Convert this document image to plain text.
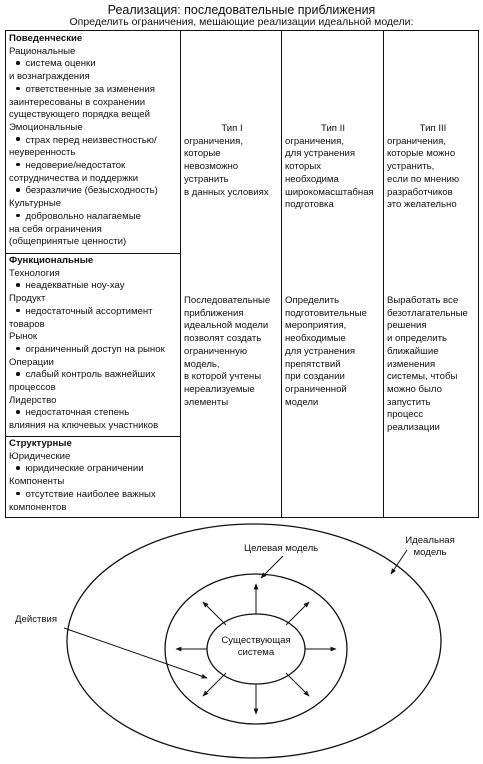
Реализация: последовательные приближения
Определить ограничения, мешающие реализации идеальной модели:

Поведенческие

Рациональные

система оценки

и вознаграждения

ответственные за изменения

заинтересованы в сохранении

существующего порядка вещей

Эмоциональные

страх перед неизвестностью/

неуверенность

недоверие/недостаток

сотрудничества и поддержки

безразличие (безысходность)

Культурные

добровольно налагаемые

на себя ограничения

(общепринятые ценности)

Функциональные

Технология

неадекватные ноу-хау

Продукт

недостаточный ассортимент

товаров

Рынок

ограниченный доступ на рынок

Операции

слабый контроль важнейших

процессов

Лидерство

недостаточная степень

влияния на ключевых участников

Структурные

Юридические

юридические ограничении

Компоненты

отсутствие наиболее важных

компонентов

Тип I

ограничения,

которые

невозможно

устранить

в данных условиях

Последовательные

приближения

идеальной модели

позволят создать

ограниченную

модель,

в которой учтены

нереализуемые

элементы

Тип II

ограничения,

для устранения

которых

необходима

широкомасштабная

подготовка

Определить

подготовительные

мероприятия,

необходимые

для устранения

препятствий

при создании

ограниченной

модели

Тип III

ограничения,

которые можно

устранить,

если по мнению

разработчиков

это желательно

Выработать все

безотлагательные

решения

и определить

ближайшие

изменения

системы, чтобы

можно было

запустить

процесс

реализации

Целевая модель
Идеальная
модель
Действия
Существующая
система
